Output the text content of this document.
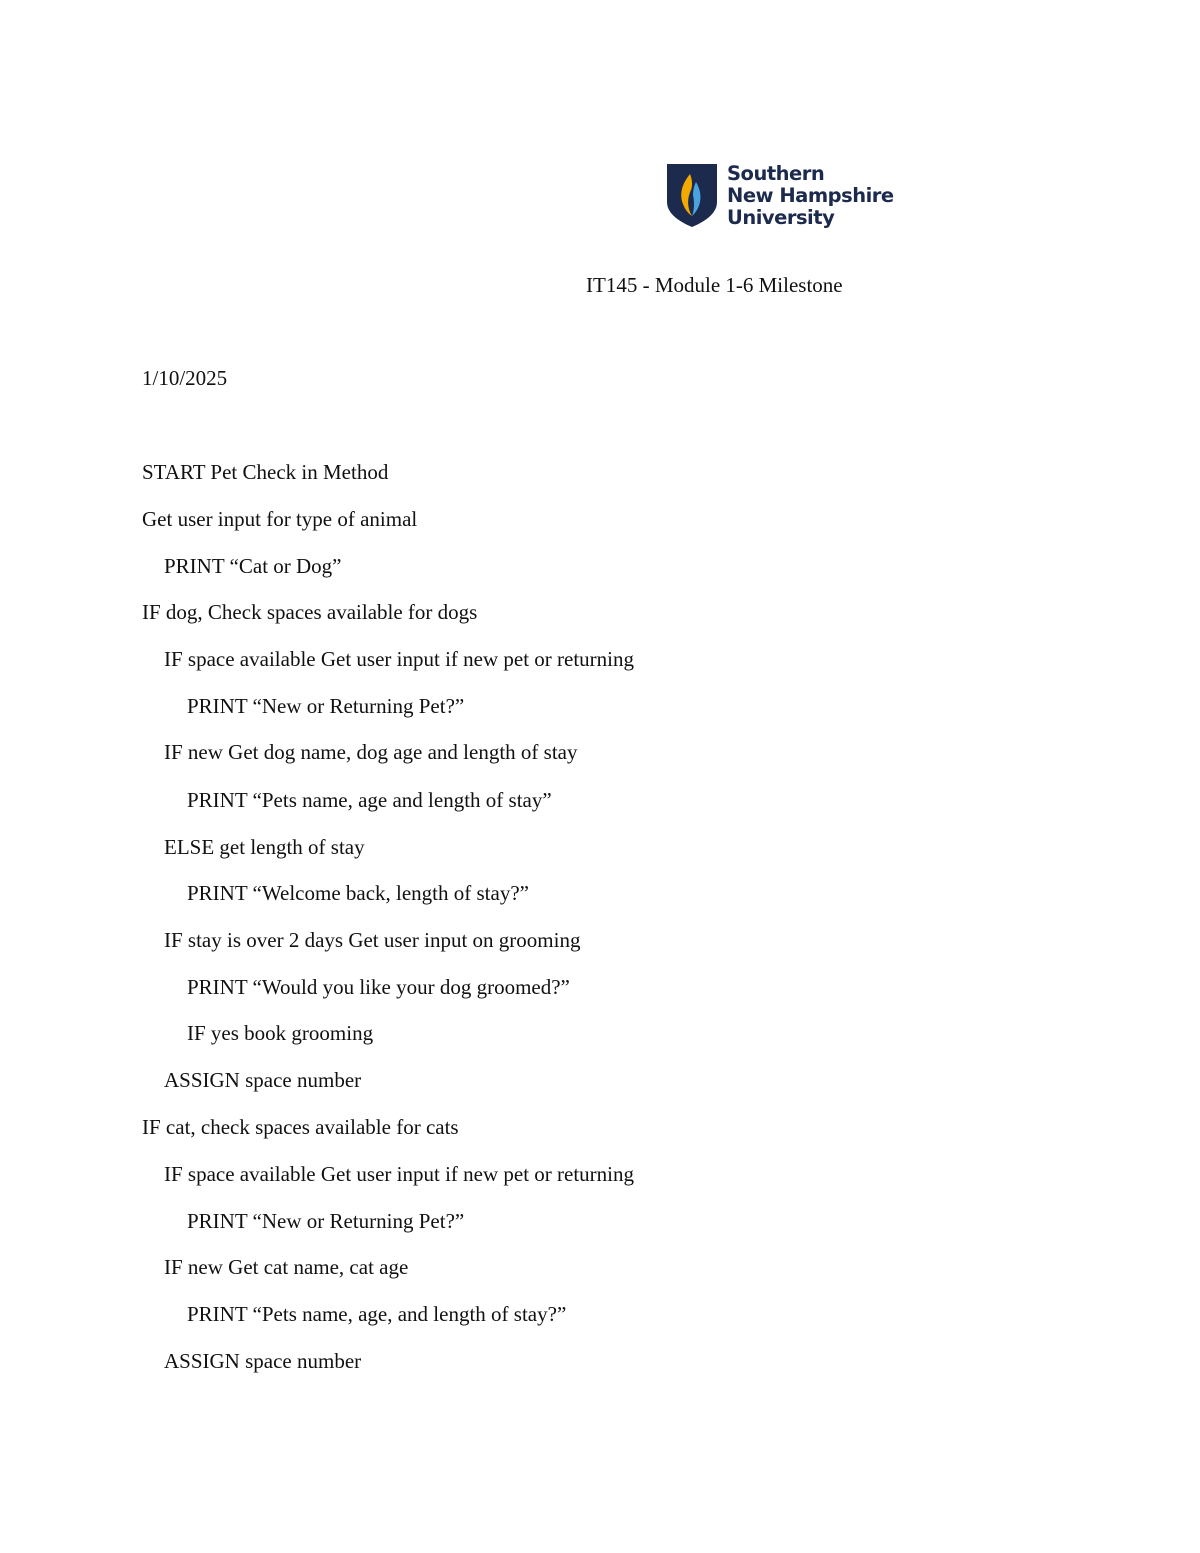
Southern
New Hampshire
University
IT145 - Module 1-6 Milestone
1/10/2025
START Pet Check in Method
Get user input for type of animal
PRINT “Cat or Dog”
IF dog, Check spaces available for dogs
IF space available Get user input if new pet or returning
PRINT “New or Returning Pet?”
IF new Get dog name, dog age and length of stay
PRINT “Pets name, age and length of stay”
ELSE get length of stay
PRINT “Welcome back, length of stay?”
IF stay is over 2 days Get user input on grooming
PRINT “Would you like your dog groomed?”
IF yes book grooming
ASSIGN space number
IF cat, check spaces available for cats
IF space available Get user input if new pet or returning
PRINT “New or Returning Pet?”
IF new Get cat name, cat age
PRINT “Pets name, age, and length of stay?”
ASSIGN space number
